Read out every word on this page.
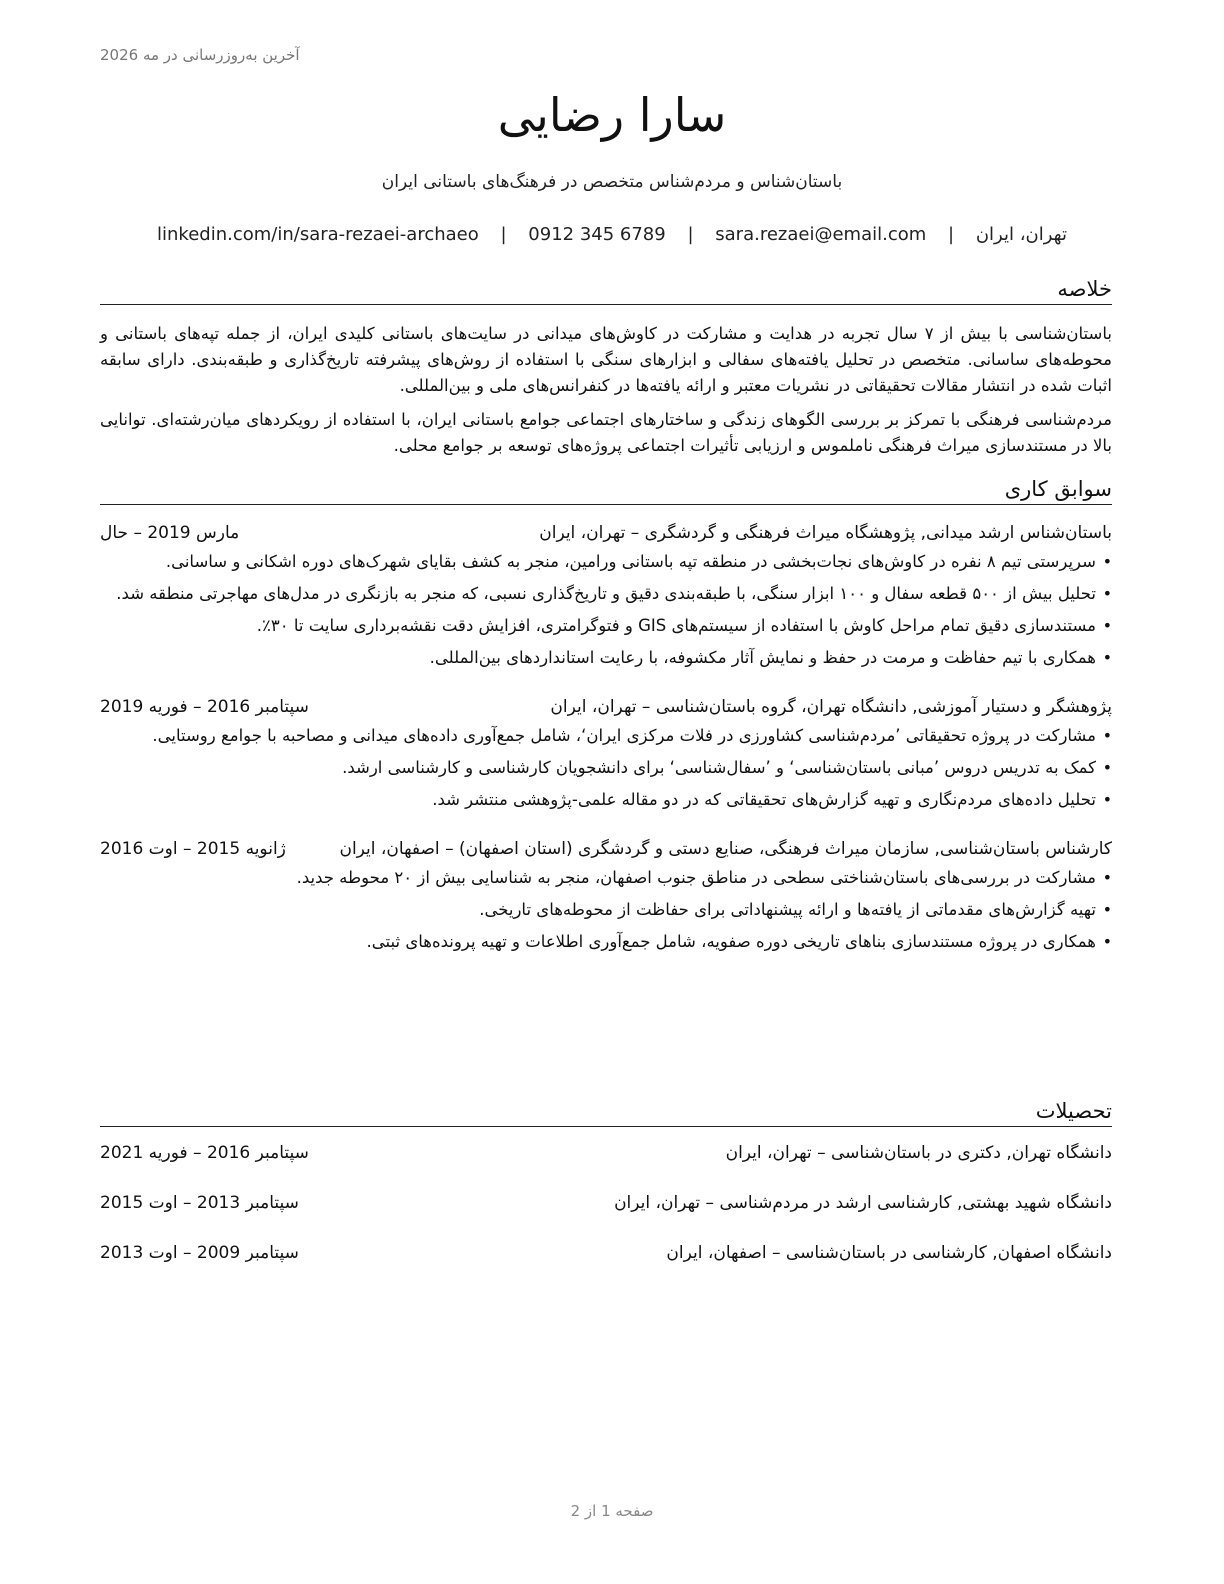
آخرین به‌روزرسانی در مه 2026
سارا رضایی
باستان‌شناس و مردم‌شناس متخصص در فرهنگ‌های باستانی ایران
تهران، ایران | sara.rezaei@email.com | 0912 345 6789 | linkedin.com/in/sara-rezaei-archaeo
خلاصه

باستان‌شناسی با بیش از ۷ سال تجربه در هدایت و مشارکت در کاوش‌های میدانی در سایت‌های باستانی کلیدی ایران، از جمله تپه‌های باستانی و محوطه‌های ساسانی. متخصص در تحلیل یافته‌های سفالی و ابزارهای سنگی با استفاده از روش‌های پیشرفته تاریخ‌گذاری و طبقه‌بندی. دارای سابقه اثبات شده در انتشار مقالات تحقیقاتی در نشریات معتبر و ارائه یافته‌ها در کنفرانس‌های ملی و بین‌المللی.

مردم‌شناسی فرهنگی با تمرکز بر بررسی الگوهای زندگی و ساختارهای اجتماعی جوامع باستانی ایران، با استفاده از رویکردهای میان‌رشته‌ای. توانایی بالا در مستندسازی میراث فرهنگی ناملموس و ارزیابی تأثیرات اجتماعی پروژه‌های توسعه بر جوامع محلی.

سوابق کاری
باستان‌شناس ارشد میدانی, پژوهشگاه میراث فرهنگی و گردشگری – تهران، ایران
مارس 2019 – حال
• سرپرستی تیم ۸ نفره در کاوش‌های نجات‌بخشی در منطقه تپه باستانی ورامین، منجر به کشف بقایای شهرک‌های دوره اشکانی و ساسانی.
• تحلیل بیش از ۵۰۰ قطعه سفال و ۱۰۰ ابزار سنگی، با طبقه‌بندی دقیق و تاریخ‌گذاری نسبی، که منجر به بازنگری در مدل‌های مهاجرتی منطقه شد.
• مستندسازی دقیق تمام مراحل کاوش با استفاده از سیستم‌های GIS و فتوگرامتری، افزایش دقت نقشه‌برداری سایت تا ۳۰٪.
• همکاری با تیم حفاظت و مرمت در حفظ و نمایش آثار مکشوفه، با رعایت استانداردهای بین‌المللی.
پژوهشگر و دستیار آموزشی, دانشگاه تهران، گروه باستان‌شناسی – تهران، ایران
سپتامبر 2016 – فوریه 2019
• مشارکت در پروژه تحقیقاتی ’مردم‌شناسی کشاورزی در فلات مرکزی ایران‘، شامل جمع‌آوری داده‌های میدانی و مصاحبه با جوامع روستایی.
• کمک به تدریس دروس ’مبانی باستان‌شناسی‘ و ’سفال‌شناسی‘ برای دانشجویان کارشناسی و کارشناسی ارشد.
• تحلیل داده‌های مردم‌نگاری و تهیه گزارش‌های تحقیقاتی که در دو مقاله علمی-پژوهشی منتشر شد.
کارشناس باستان‌شناسی, سازمان میراث فرهنگی، صنایع دستی و گردشگری (استان اصفهان) – اصفهان، ایران
ژانویه 2015 – اوت 2016
• مشارکت در بررسی‌های باستان‌شناختی سطحی در مناطق جنوب اصفهان، منجر به شناسایی بیش از ۲۰ محوطه جدید.
• تهیه گزارش‌های مقدماتی از یافته‌ها و ارائه پیشنهاداتی برای حفاظت از محوطه‌های تاریخی.
• همکاری در پروژه مستندسازی بناهای تاریخی دوره صفویه، شامل جمع‌آوری اطلاعات و تهیه پرونده‌های ثبتی.
تحصیلات
دانشگاه تهران, دکتری در باستان‌شناسی – تهران، ایران
سپتامبر 2016 – فوریه 2021
دانشگاه شهید بهشتی, کارشناسی ارشد در مردم‌شناسی – تهران، ایران
سپتامبر 2013 – اوت 2015
دانشگاه اصفهان, کارشناسی در باستان‌شناسی – اصفهان، ایران
سپتامبر 2009 – اوت 2013
صفحه 1 از 2
